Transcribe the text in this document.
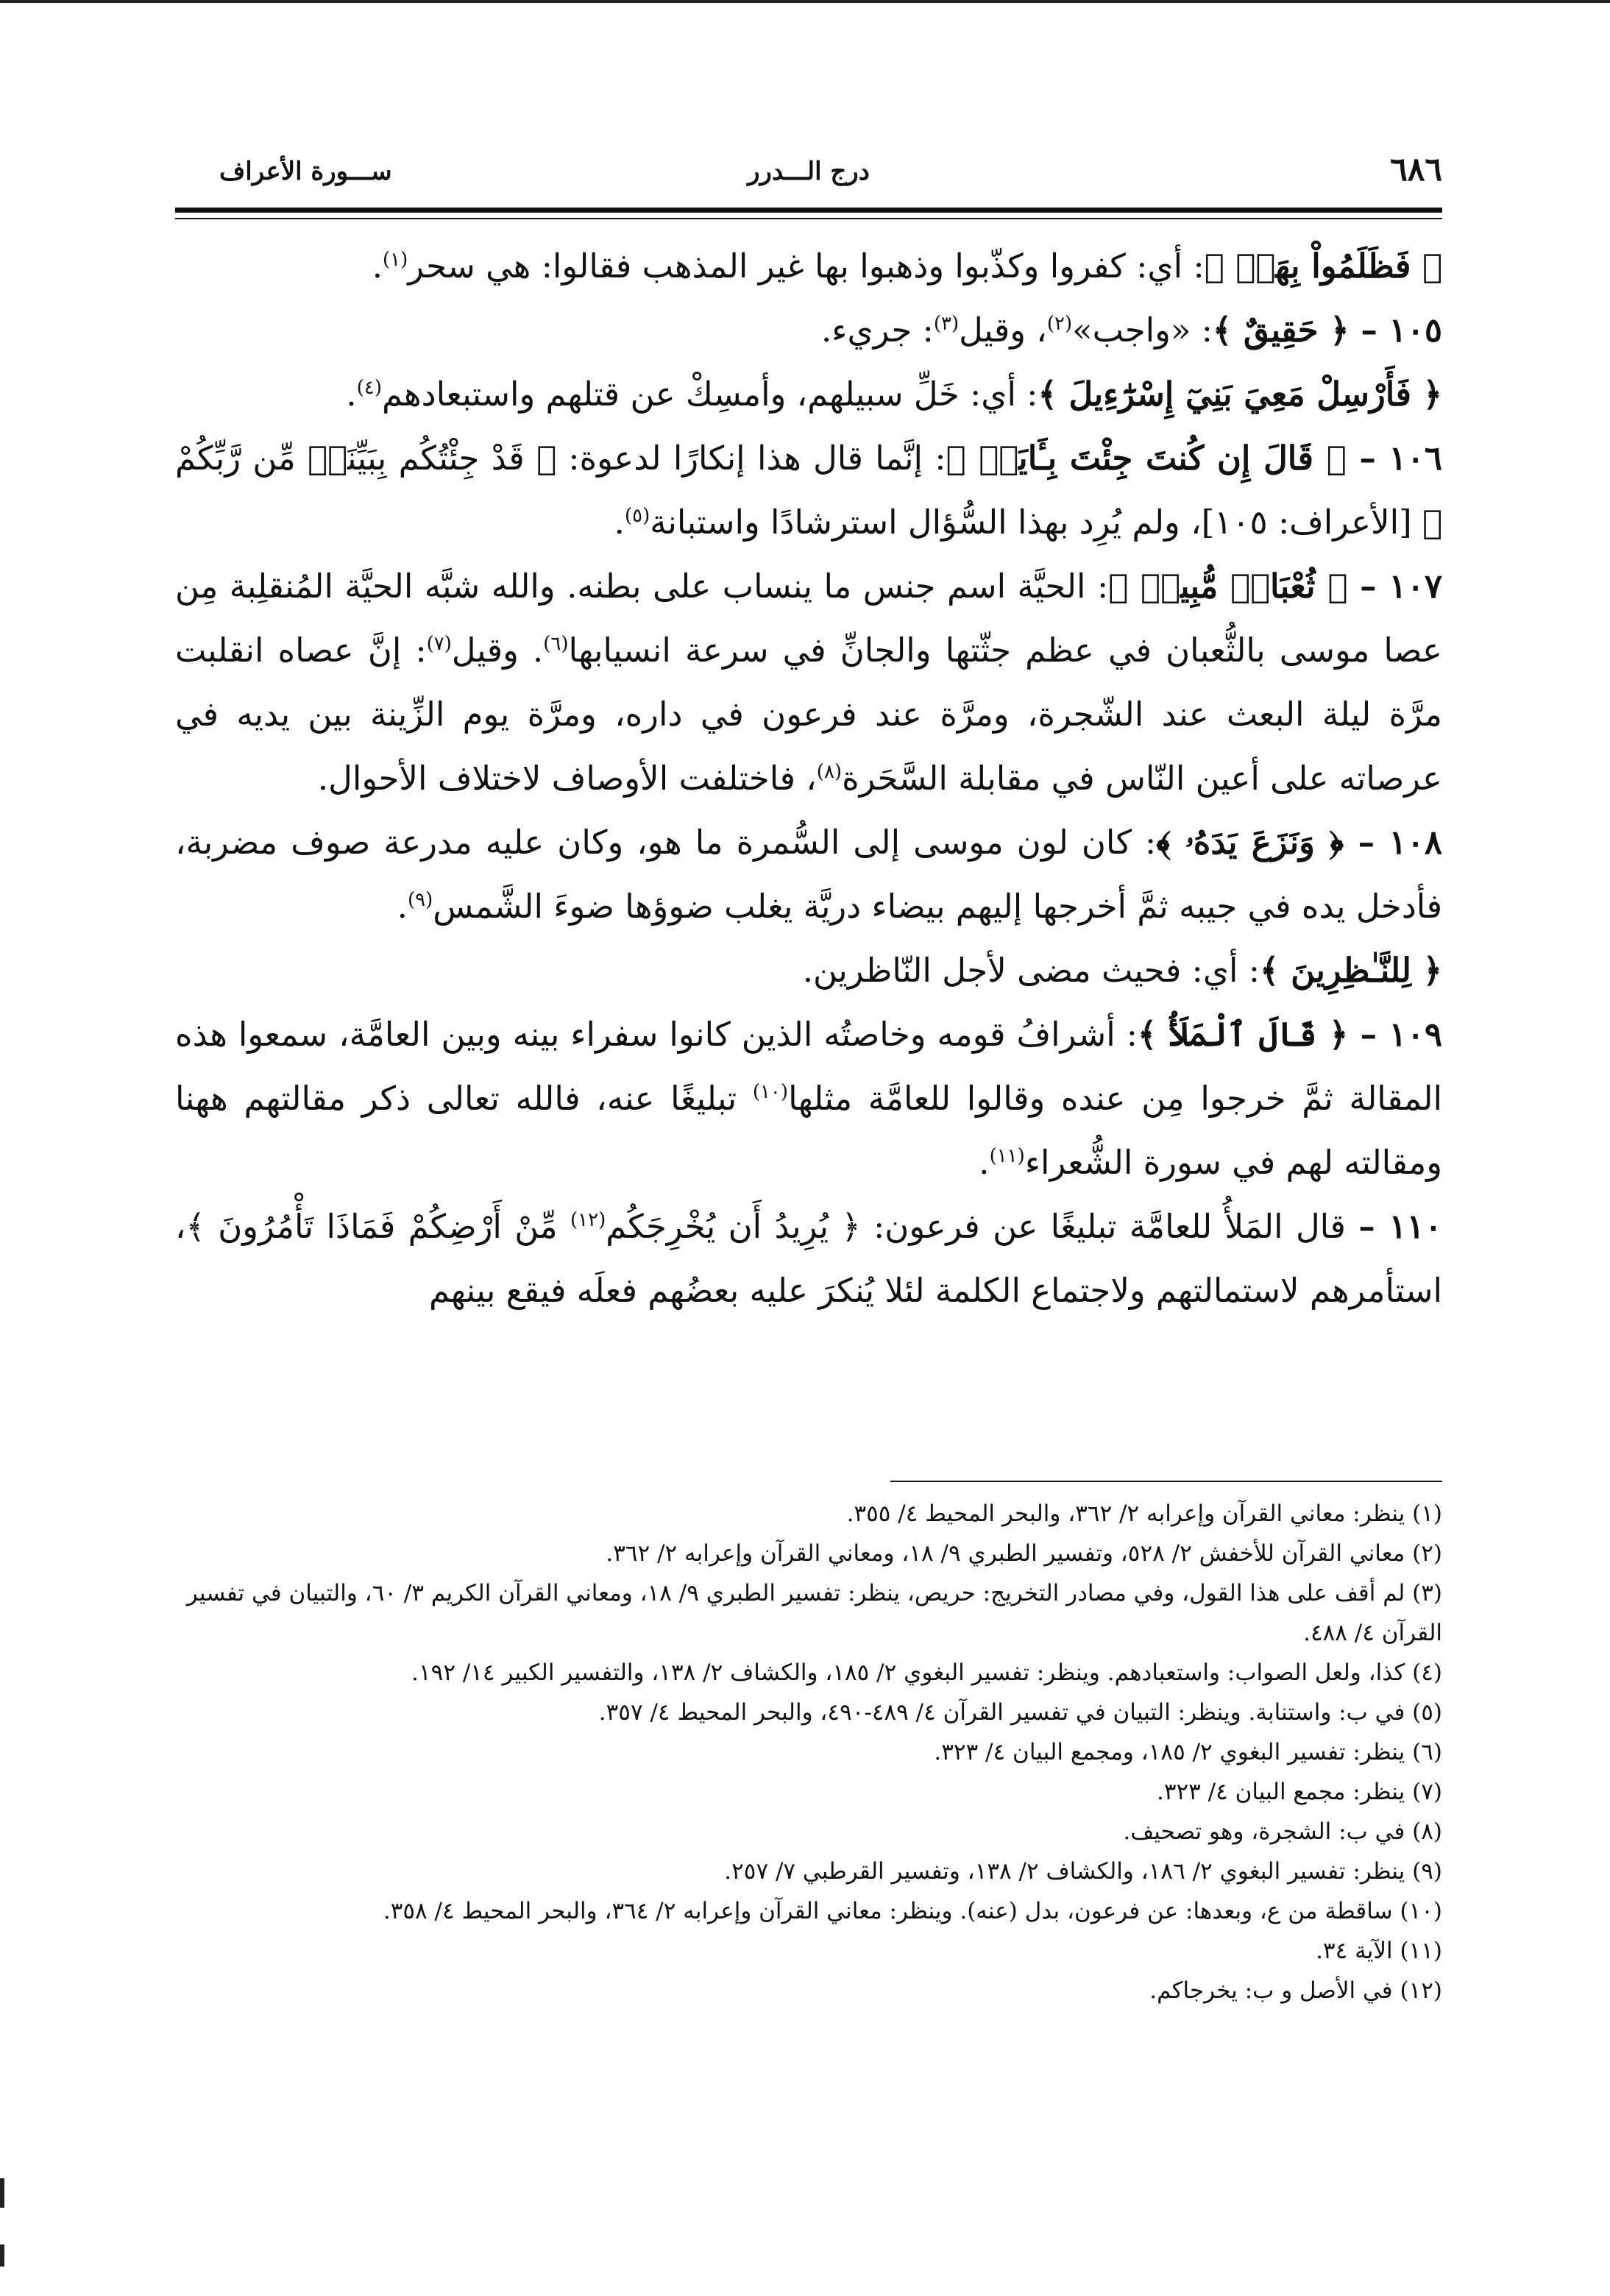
٦٨٦
درج الـــدرر
ســـورة الأعراف

﴿ فَظَلَمُواْ بِهَاۖ ﴾: أي: كفروا وكذّبوا وذهبوا بها غير المذهب فقالوا: هي سحر$^{(١)}$.

١٠٥ – ﴿ حَقِيقٌ ﴾: «واجب»$^{(٢)}$، وقيل$^{(٣)}$: جريء.

﴿ فَأَرْسِلْ مَعِيَ بَنِيٓ إِسْرَٰٓءِيلَ ﴾: أي: خَلِّ سبيلهم، وأمسِكْ عن قتلهم واستبعادهم$^{(٤)}$.

١٠٦ – ﴿ قَالَ إِن كُنتَ جِئْتَ بِـَٔايَةٖ ﴾: إنَّما قال هذا إنكارًا لدعوة: ﴿ قَدْ جِئْتُكُم بِبَيِّنَةٖ مِّن رَّبِّكُمْ ﴾ [الأعراف: ١٠٥]، ولم يُرِد بهذا السُّؤال استرشادًا واستبانة$^{(٥)}$.

١٠٧ – ﴿ ثُعْبَانٞ مُّبِينٞ ﴾: الحيَّة اسم جنس ما ينساب على بطنه. والله شبَّه الحيَّة المُنقلِبة مِن عصا موسى بالثُّعبان في عظم جثّتها والجانِّ في سرعة انسيابها$^{(٦)}$. وقيل$^{(٧)}$: إنَّ عصاه انقلبت مرَّة ليلة البعث عند الشّجرة، ومرَّة عند فرعون في داره، ومرَّة يوم الزِّينة بين يديه في عرصاته على أعين النّاس في مقابلة السَّحَرة$^{(٨)}$، فاختلفت الأوصاف لاختلاف الأحوال.

١٠٨ – ﴿ وَنَزَعَ يَدَهُۥ ﴾: كان لون موسى إلى السُّمرة ما هو، وكان عليه مدرعة صوف مضربة، فأدخل يده في جيبه ثمَّ أخرجها إليهم بيضاء دريَّة يغلب ضوؤها ضوءَ الشَّمس$^{(٩)}$.

﴿ لِلنَّـٰظِرِينَ ﴾: أي: فحيث مضى لأجل النّاظرين.

١٠٩ – ﴿ قَالَ ٱلْمَلَأُ ﴾: أشرافُ قومه وخاصتُه الذين كانوا سفراء بينه وبين العامَّة، سمعوا هذه المقالة ثمَّ خرجوا مِن عنده وقالوا للعامَّة مثلها$^{(١٠)}$ تبليغًا عنه، فالله تعالى ذكر مقالتهم ههنا ومقالته لهم في سورة الشُّعراء$^{(١١)}$.

١١٠ – قال المَلأُ للعامَّة تبليغًا عن فرعون: ﴿ يُرِيدُ أَن يُخْرِجَكُم$^{(١٢)}$ مِّنْ أَرْضِكُمْ فَمَاذَا تَأْمُرُونَ ﴾، استأمرهم لاستمالتهم ولاجتماع الكلمة لئلا يُنكرَ عليه بعضُهم فعلَه فيقع بينهم

(١) ينظر: معاني القرآن وإعرابه ٢/ ٣٦٢، والبحر المحيط ٤/ ٣٥٥.

(٢) معاني القرآن للأخفش ٢/ ٥٢٨، وتفسير الطبري ٩/ ١٨، ومعاني القرآن وإعرابه ٢/ ٣٦٢.

(٣) لم أقف على هذا القول، وفي مصادر التخريج: حريص، ينظر: تفسير الطبري ٩/ ١٨، ومعاني القرآن الكريم ٣/ ٦٠، والتبيان في تفسير القرآن ٤/ ٤٨٨.

(٤) كذا، ولعل الصواب: واستعبادهم. وينظر: تفسير البغوي ٢/ ١٨٥، والكشاف ٢/ ١٣٨، والتفسير الكبير ١٤/ ١٩٢.

(٥) في ب: واستنابة. وينظر: التبيان في تفسير القرآن ٤/ ٤٨٩-٤٩٠، والبحر المحيط ٤/ ٣٥٧.

(٦) ينظر: تفسير البغوي ٢/ ١٨٥، ومجمع البيان ٤/ ٣٢٣.

(٧) ينظر: مجمع البيان ٤/ ٣٢٣.

(٨) في ب: الشجرة، وهو تصحيف.

(٩) ينظر: تفسير البغوي ٢/ ١٨٦، والكشاف ٢/ ١٣٨، وتفسير القرطبي ٧/ ٢٥٧.

(١٠) ساقطة من ع، وبعدها: عن فرعون، بدل (عنه). وينظر: معاني القرآن وإعرابه ٢/ ٣٦٤، والبحر المحيط ٤/ ٣٥٨.

(١١) الآية ٣٤.

(١٢) في الأصل و ب: يخرجاكم.
